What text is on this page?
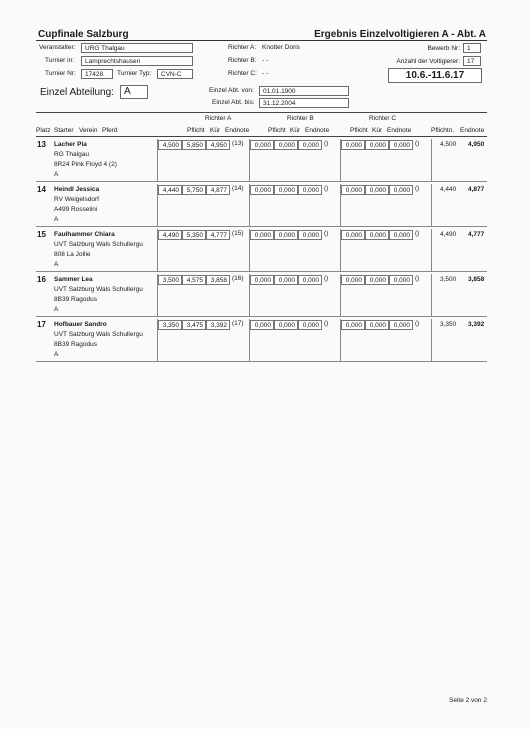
Cupfinale Salzburg	Ergebnis Einzelvoltigieren A - Abt. A
Veranstalter:	URG Thalgau
Turnier in:	Lamprechtshausen
Turnier Nr:	17428	Turnier Typ:	CVN-C
Richter A: Knotter Doris
Richter B: - -
Richter C: - -
Bewerb Nr:	1
Anzahl der Voltigierer:	17
10.6.-11.6.17
Einzel Abteilung:	A	Einzel Abt. von:	01.01.1900
Einzel Abt. bis:	31.12.2004
Richter A	Richter B	Richter C
Platz Starter Verein Pferd	Pflicht Kür Endnote	Pflicht Kür Endnote	Pflicht Kür Endnote	Pflichtn. Endnote
13 Lacher Pia
RG Thalgau
8R24 Pink Floyd 4 (2)
A
4,500	5,850	4,950 (13)	0,000	0,000	0,000 ()	0,000	0,000	0,000 ()	4,500 4,950
14 Heindl Jessica
RV Weigelsdorf
A499 Rosselini
A
4,440	5,750	4,877 (14)	0,000	0,000	0,000 ()	0,000	0,000	0,000 ()	4,440 4,877
15 Faulhammer Chiara
UVT Salzburg Wals Schullergu
808 La Jollie
A
4,490	5,350	4,777 (15)	0,000	0,000	0,000 ()	0,000	0,000	0,000 ()	4,490 4,777
16 Sammer Lea
UVT Salzburg Wals Schullergu
8B39 Ragodus
A
3,500	4,575	3,858 (16)	0,000	0,000	0,000 ()	0,000	0,000	0,000 ()	3,500 3,858
17 Hofbauer Sandro
UVT Salzburg Wals Schullergu
8B39 Ragodus
A
3,350	3,475	3,392 (17)	0,000	0,000	0,000 ()	0,000	0,000	0,000 ()	3,350 3,392
Seite 2 von 2
